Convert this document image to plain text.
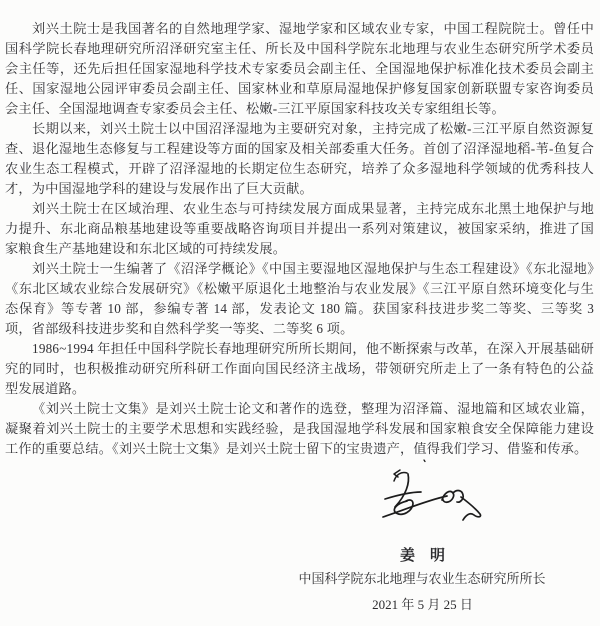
刘兴土院士是我国著名的自然地理学家、湿地学家和区域农业专家，中国工程院院士。曾任中国科学院长春地理研究所沼泽研究室主任、所长及中国科学院东北地理与农业生态研究所学术委员会主任等，还先后担任国家湿地科学技术专家委员会副主任、全国湿地保护标准化技术委员会副主任、国家湿地公园评审委员会副主任、国家林业和草原局湿地保护修复国家创新联盟专家咨询委员会主任、全国湿地调查专家委员会主任、松嫩-三江平原国家科技攻关专家组组长等。

长期以来，刘兴土院士以中国沼泽湿地为主要研究对象，主持完成了松嫩-三江平原自然资源复查、退化湿地生态修复与工程建设等方面的国家及相关部委重大任务。首创了沼泽湿地稻-苇-鱼复合农业生态工程模式，开辟了沼泽湿地的长期定位生态研究，培养了众多湿地科学领域的优秀科技人才，为中国湿地学科的建设与发展作出了巨大贡献。

刘兴土院士在区域治理、农业生态与可持续发展方面成果显著，主持完成东北黑土地保护与地力提升、东北商品粮基地建设等重要战略咨询项目并提出一系列对策建议，被国家采纳，推进了国家粮食生产基地建设和东北区域的可持续发展。

刘兴土院士一生编著了《沼泽学概论》《中国主要湿地区湿地保护与生态工程建设》《东北湿地》《东北区域农业综合发展研究》《松嫩平原退化土地整治与农业发展》《三江平原自然环境变化与生态保育》等专著 10 部，参编专著 14 部，发表论文 180 篇。获国家科技进步奖二等奖、三等奖 3 项，省部级科技进步奖和自然科学奖一等奖、二等奖 6 项。

1986~1994 年担任中国科学院长春地理研究所所长期间，他不断探索与改革，在深入开展基础研究的同时，也积极推动研究所科研工作面向国民经济主战场，带领研究所走上了一条有特色的公益型发展道路。

《刘兴土院士文集》是刘兴土院士论文和著作的选登，整理为沼泽篇、湿地篇和区域农业篇，凝聚着刘兴土院士的主要学术思想和实践经验，是我国湿地学科发展和国家粮食安全保障能力建设工作的重要总结。《刘兴土院士文集》是刘兴土院士留下的宝贵遗产，值得我们学习、借鉴和传承。

姜　明
中国科学院东北地理与农业生态研究所所长
2021 年 5 月 25 日
